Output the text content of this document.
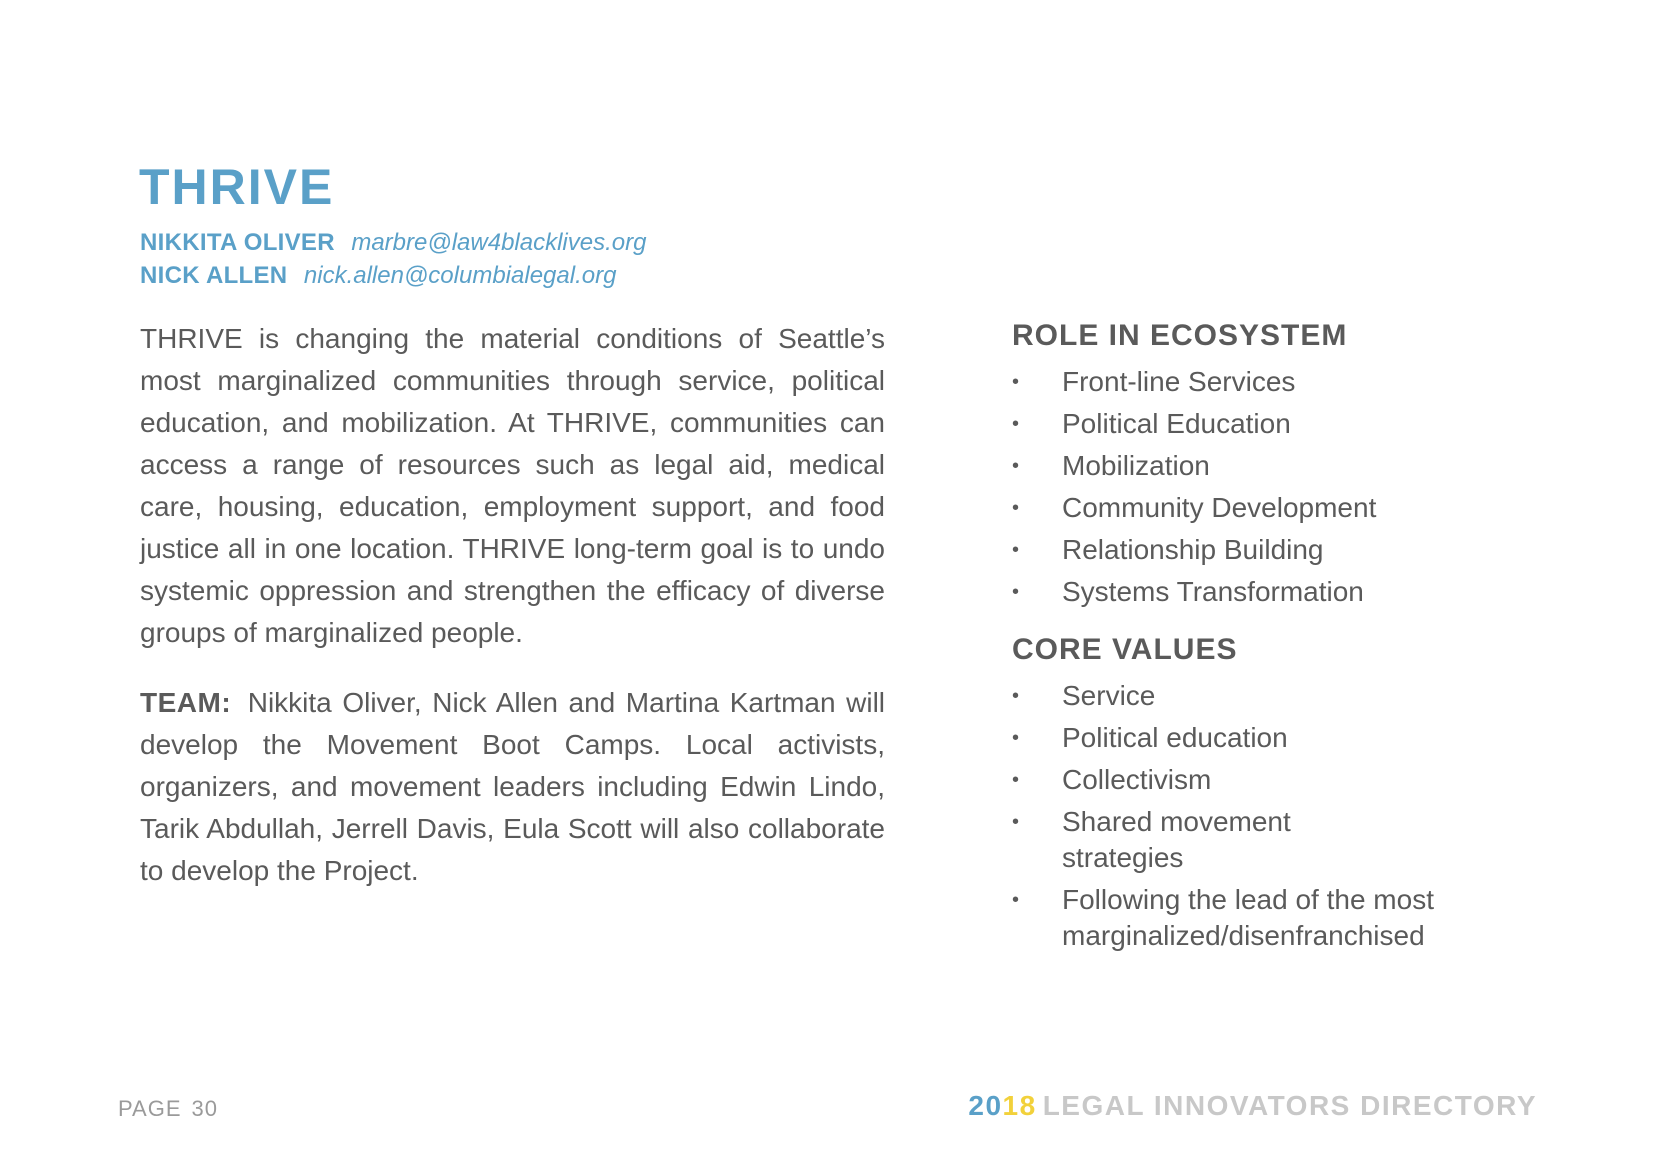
THRIVE
NIKKITA OLIVER marbre@law4blacklives.org
NICK ALLEN nick.allen@columbialegal.org

THRIVE is changing the material conditions of Seattle’s most marginalized communities through service, political education, and mobilization. At THRIVE, communities can access a range of resources such as legal aid, medical care, housing, education, employment support, and food justice all in one location. THRIVE long-term goal is to undo systemic oppression and strengthen the efficacy of diverse groups of marginalized people.

TEAM: Nikkita Oliver, Nick Allen and Martina Kartman will develop the Movement Boot Camps. Local activists, organizers, and movement leaders including Edwin Lindo, Tarik Abdullah, Jerrell Davis, Eula Scott will also collaborate to develop the Project.

ROLE IN ECOSYSTEM
• Front-line Services
• Political Education
• Mobilization
• Community Development
• Relationship Building
• Systems Transformation
CORE VALUES
• Service
• Political education
• Collectivism
• Shared movement strategies
• Following the lead of the most marginalized/disenfranchised
PAGE 30	2018 LEGAL INNOVATORS DIRECTORY
